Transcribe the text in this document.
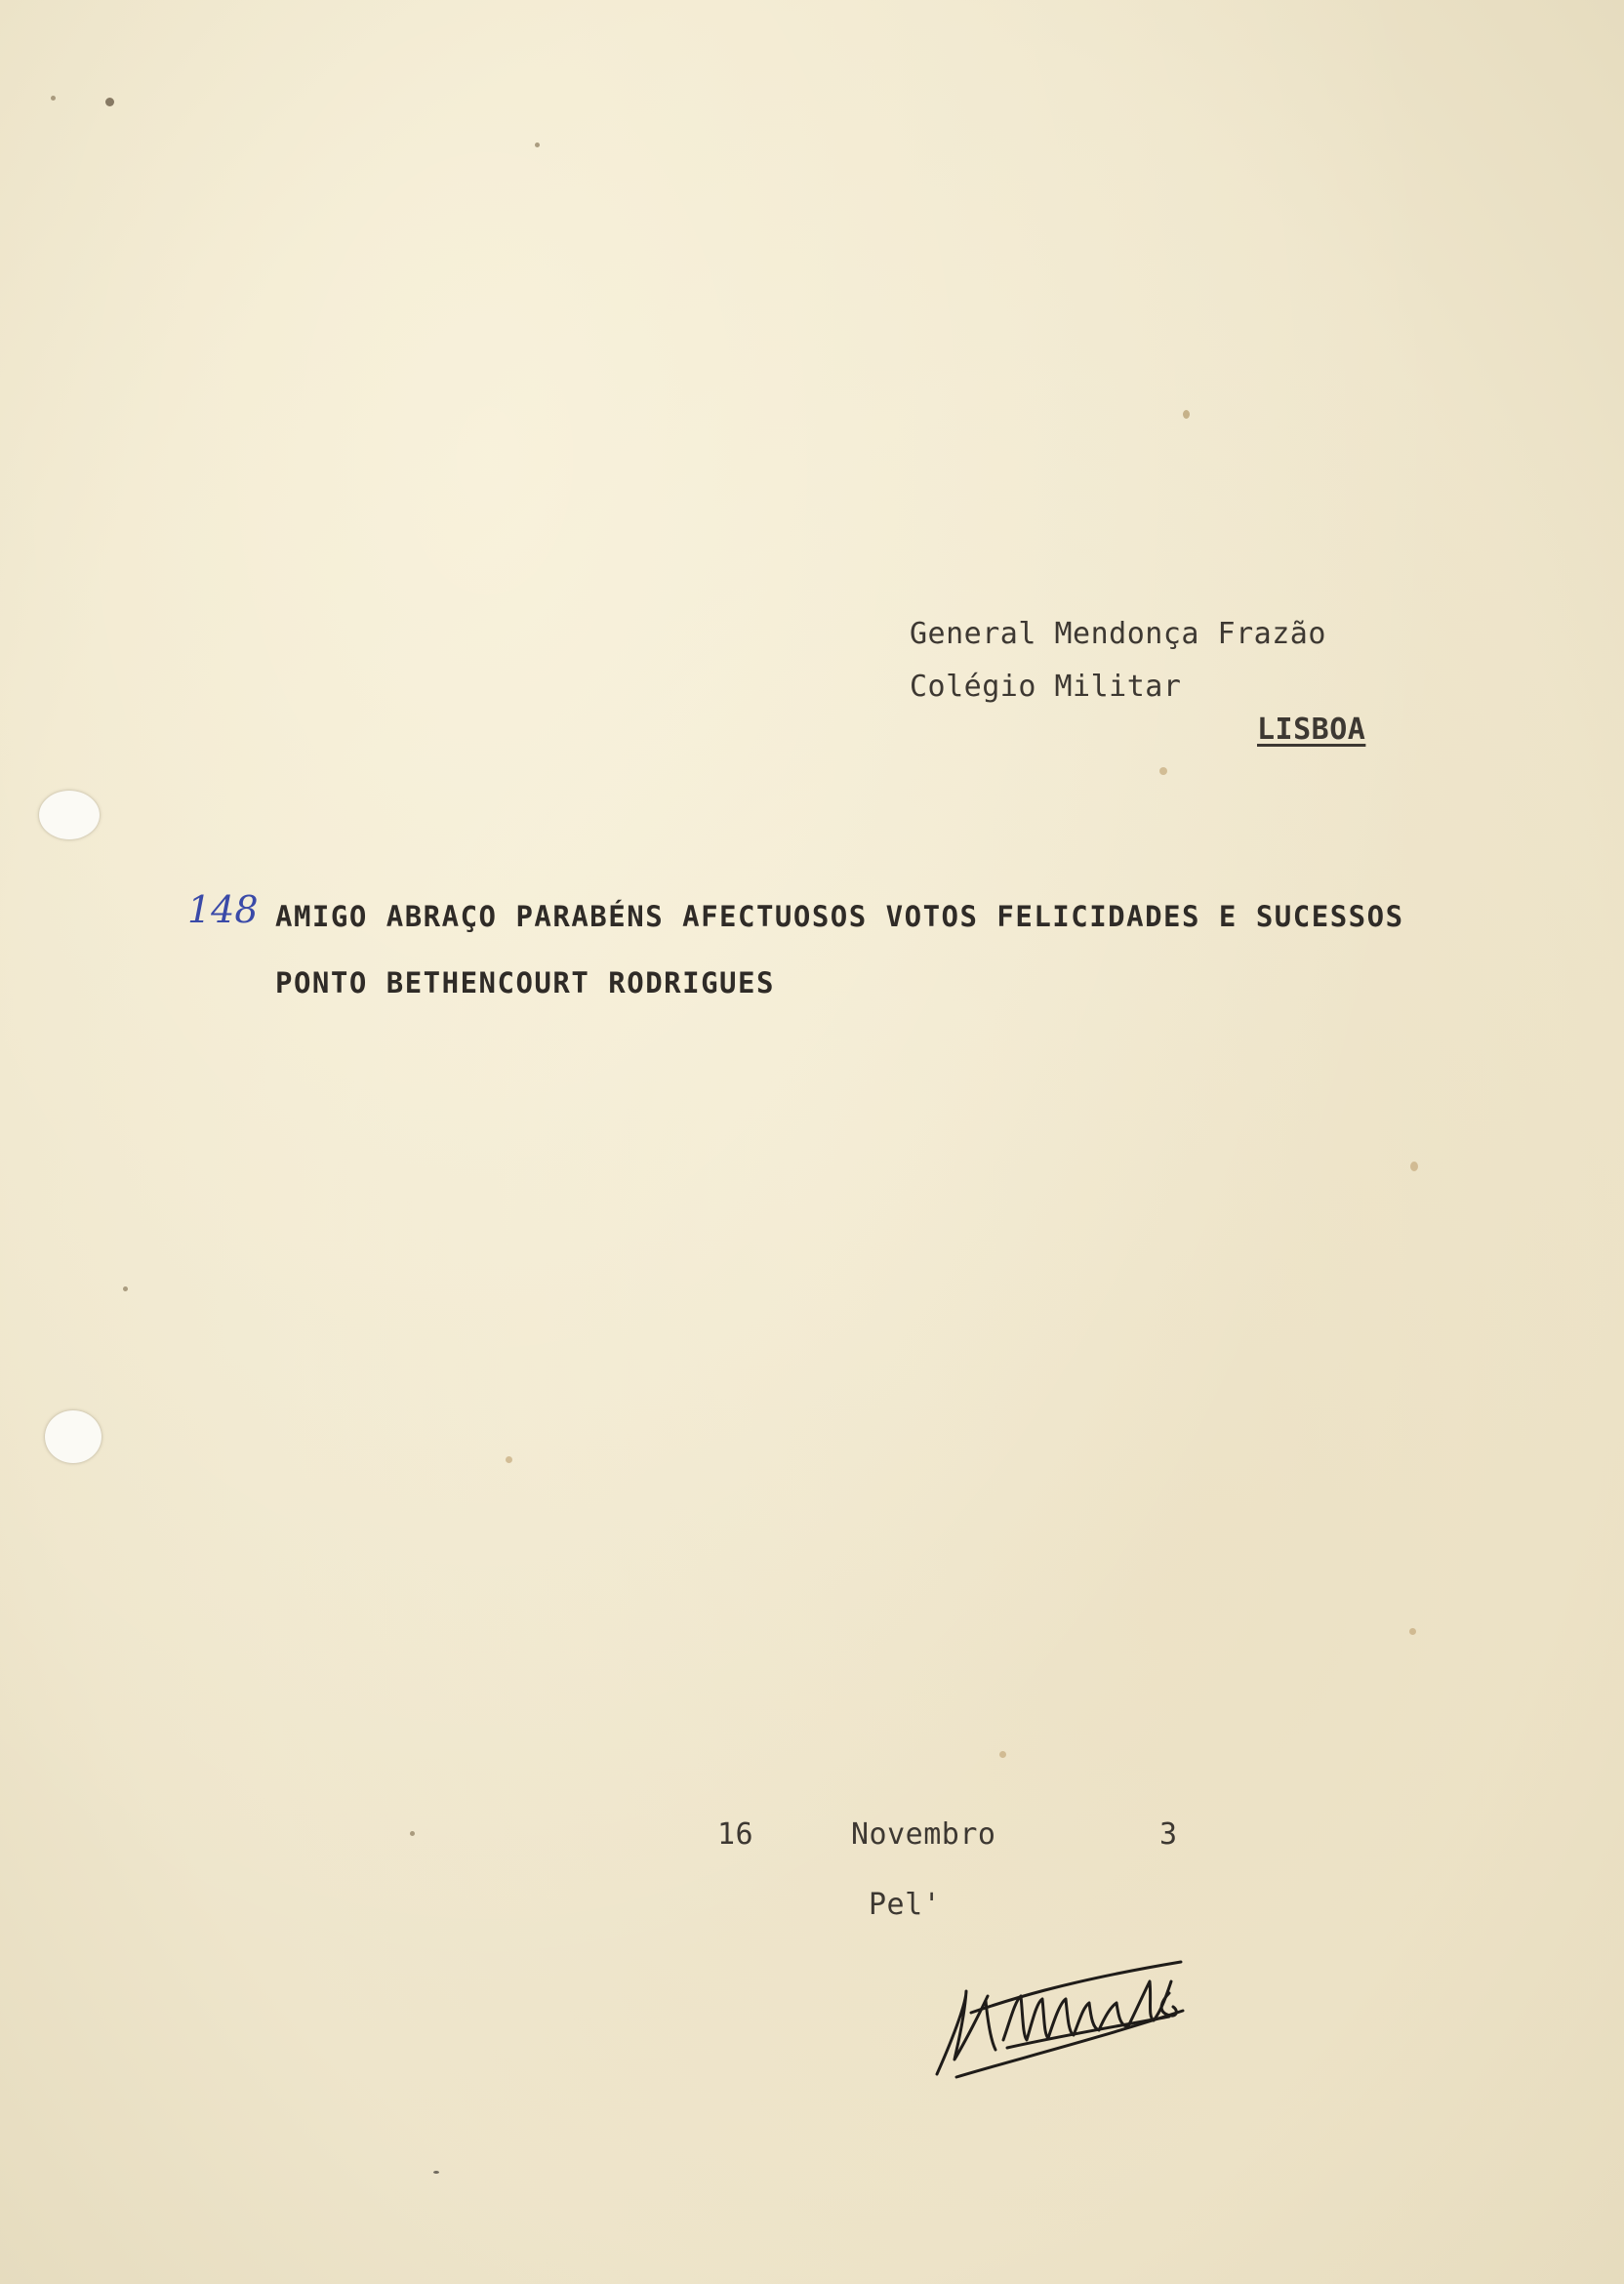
General Mendonça Frazão
Colégio Militar
LISBOA
148 AMIGO ABRAÇO PARABÉNS AFECTUOSOS VOTOS FELICIDADES E SUCESSOS
PONTO BETHENCOURT RODRIGUES
16	Novembro	3
Pel'
